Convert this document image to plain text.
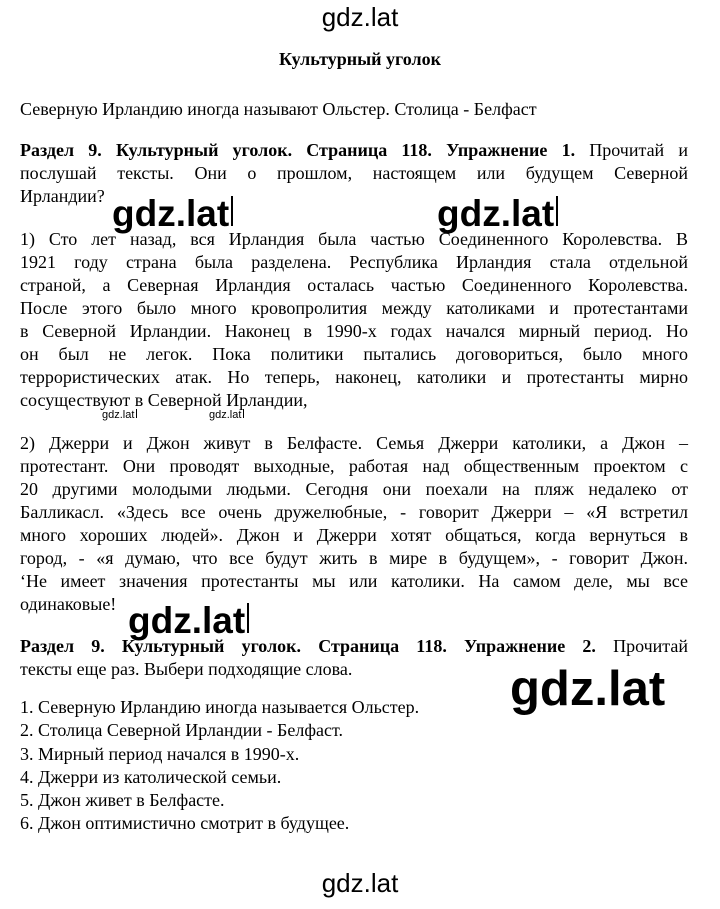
gdz.lat
gdz.lat	gdz.lat
gdz.lat	gdz.lat
gdz.lat
gdz.lat
gdz.lat
Культурный уголок
Северную Ирландию иногда называют Ольстер. Столица - Белфаст
Раздел 9. Культурный уголок. Страница 118. Упражнение 1. Прочитай и
послушай тексты. Они о прошлом, настоящем или будущем Северной
Ирландии?
1) Сто лет назад, вся Ирландия была частью Соединенного Королевства. В
1921 году страна была разделена. Республика Ирландия стала отдельной
страной, а Северная Ирландия осталась частью Соединенного Королевства.
После этого было много кровопролития между католиками и протестантами
в Северной Ирландии. Наконец в 1990-х годах начался мирный период. Но
он был не легок. Пока политики пытались договориться, было много
террористических атак. Но теперь, наконец, католики и протестанты мирно
сосуществуют в Северной Ирландии,
2) Джерри и Джон живут в Белфасте. Семья Джерри католики, а Джон –
протестант. Они проводят выходные, работая над общественным проектом с
20 другими молодыми людьми. Сегодня они поехали на пляж недалеко от
Балликасл. «Здесь все очень дружелюбные, - говорит Джерри – «Я встретил
много хороших людей». Джон и Джерри хотят общаться, когда вернуться в
город, - «я думаю, что все будут жить в мире в будущем», - говорит Джон.
‘Не имеет значения протестанты мы или католики. На самом деле, мы все
одинаковые!
Раздел 9. Культурный уголок. Страница 118. Упражнение 2. Прочитай
тексты еще раз. Выбери подходящие слова.
1. Северную Ирландию иногда называется Ольстер.
2. Столица Северной Ирландии - Белфаст.
3. Мирный период начался в 1990-х.
4. Джерри из католической семьи.
5. Джон живет в Белфасте.
6. Джон оптимистично смотрит в будущее.
